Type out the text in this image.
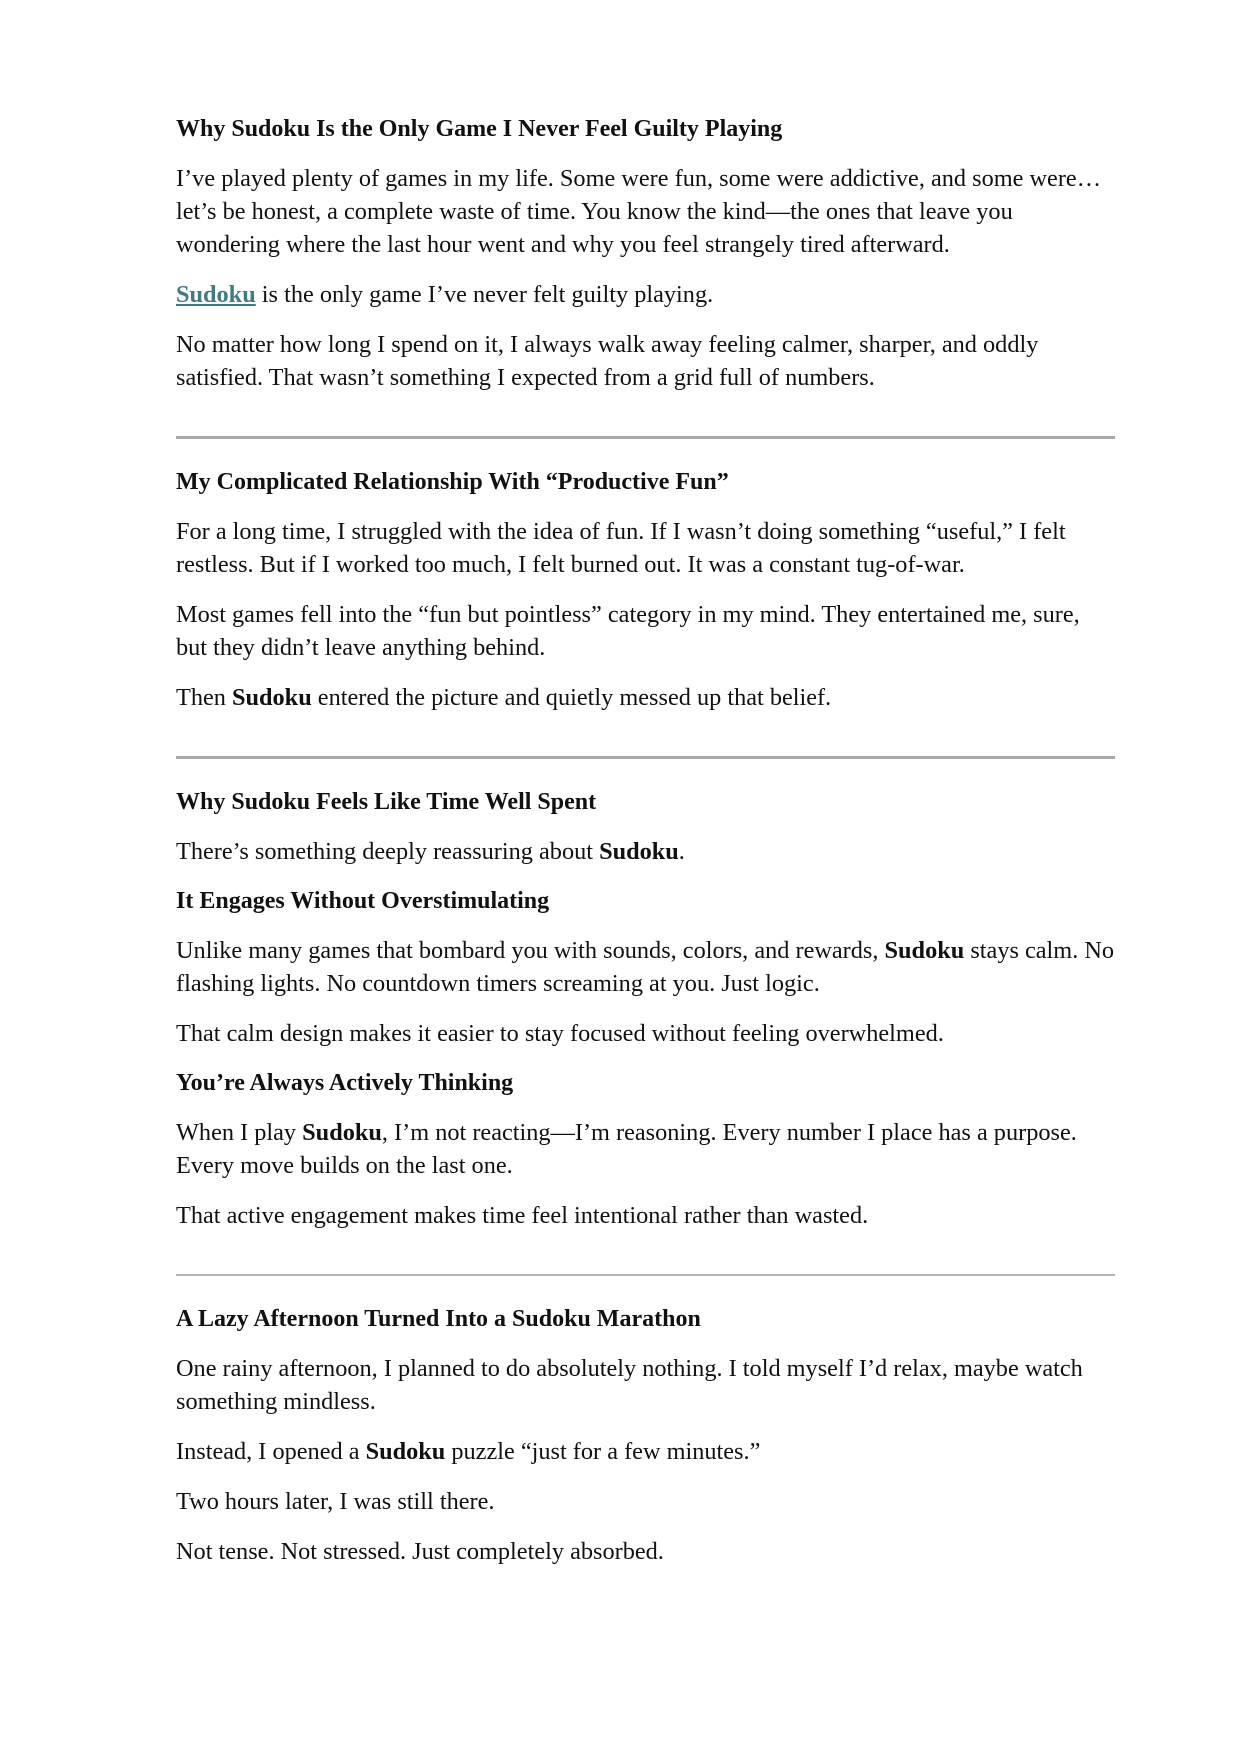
Why Sudoku Is the Only Game I Never Feel Guilty Playing

I’ve played plenty of games in my life. Some were fun, some were addictive, and some were… let’s be honest, a complete waste of time. You know the kind—the ones that leave you wondering where the last hour went and why you feel strangely tired afterward.

Sudoku is the only game I’ve never felt guilty playing.

No matter how long I spend on it, I always walk away feeling calmer, sharper, and oddly satisfied. That wasn’t something I expected from a grid full of numbers.

My Complicated Relationship With “Productive Fun”

For a long time, I struggled with the idea of fun. If I wasn’t doing something “useful,” I felt restless. But if I worked too much, I felt burned out. It was a constant tug-of-war.

Most games fell into the “fun but pointless” category in my mind. They entertained me, sure, but they didn’t leave anything behind.

Then Sudoku entered the picture and quietly messed up that belief.

Why Sudoku Feels Like Time Well Spent

There’s something deeply reassuring about Sudoku.

It Engages Without Overstimulating

Unlike many games that bombard you with sounds, colors, and rewards, Sudoku stays calm. No flashing lights. No countdown timers screaming at you. Just logic.

That calm design makes it easier to stay focused without feeling overwhelmed.

You’re Always Actively Thinking

When I play Sudoku, I’m not reacting—I’m reasoning. Every number I place has a purpose. Every move builds on the last one.

That active engagement makes time feel intentional rather than wasted.

A Lazy Afternoon Turned Into a Sudoku Marathon

One rainy afternoon, I planned to do absolutely nothing. I told myself I’d relax, maybe watch something mindless.

Instead, I opened a Sudoku puzzle “just for a few minutes.”

Two hours later, I was still there.

Not tense. Not stressed. Just completely absorbed.
